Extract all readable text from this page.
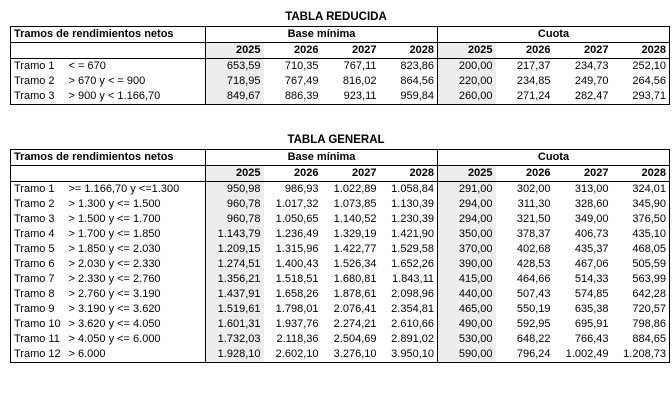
TABLA REDUCIDA
Tramos de rendimientos netos		Base mínima				Cuota			
		2025	2026	2027	2028	2025	2026	2027	2028
Tramo 1	< = 670	653,59	710,35	767,11	823,86	200,00	217,37	234,73	252,10
Tramo 2	> 670 y < = 900	718,95	767,49	816,02	864,56	220,00	234,85	249,70	264,56
Tramo 3	> 900 y < 1.166,70	849,67	886,39	923,11	959,84	260,00	271,24	282,47	293,71
TABLA GENERAL
Tramos de rendimientos netos		Base mínima				Cuota			
		2025	2026	2027	2028	2025	2026	2027	2028
Tramo 1	>= 1.166,70 y <=1.300	950,98	986,93	1.022,89	1.058,84	291,00	302,00	313,00	324,01
Tramo 2	> 1.300 y <= 1.500	960,78	1.017,32	1.073,85	1.130,39	294,00	311,30	328,60	345,90
Tramo 3	> 1.500 y <= 1.700	960,78	1.050,65	1.140,52	1.230,39	294,00	321,50	349,00	376,50
Tramo 4	> 1.700 y <= 1.850	1.143,79	1.236,49	1.329,19	1.421,90	350,00	378,37	406,73	435,10
Tramo 5	> 1.850 y <= 2.030	1.209,15	1.315,96	1.422,77	1.529,58	370,00	402,68	435,37	468,05
Tramo 6	> 2.030 y <= 2.330	1.274,51	1.400,43	1.526,34	1.652,26	390,00	428,53	467,06	505,59
Tramo 7	> 2.330 y <= 2.760	1.356,21	1.518,51	1.680,81	1.843,11	415,00	464,66	514,33	563,99
Tramo 8	> 2.760 y <= 3.190	1.437,91	1.658,26	1.878,61	2.098,96	440,00	507,43	574,85	642,28
Tramo 9	> 3.190 y <= 3.620	1.519,61	1.798,01	2.076,41	2.354,81	465,00	550,19	635,38	720,57
Tramo 10	> 3.620 y <= 4.050	1.601,31	1.937,76	2.274,21	2.610,66	490,00	592,95	695,91	798,86
Tramo 11	> 4.050 y <= 6.000	1.732,03	2.118,36	2.504,69	2.891,02	530,00	648,22	766,43	884,65
Tramo 12	> 6.000	1.928,10	2.602,10	3.276,10	3.950,10	590,00	796,24	1.002,49	1.208,73
